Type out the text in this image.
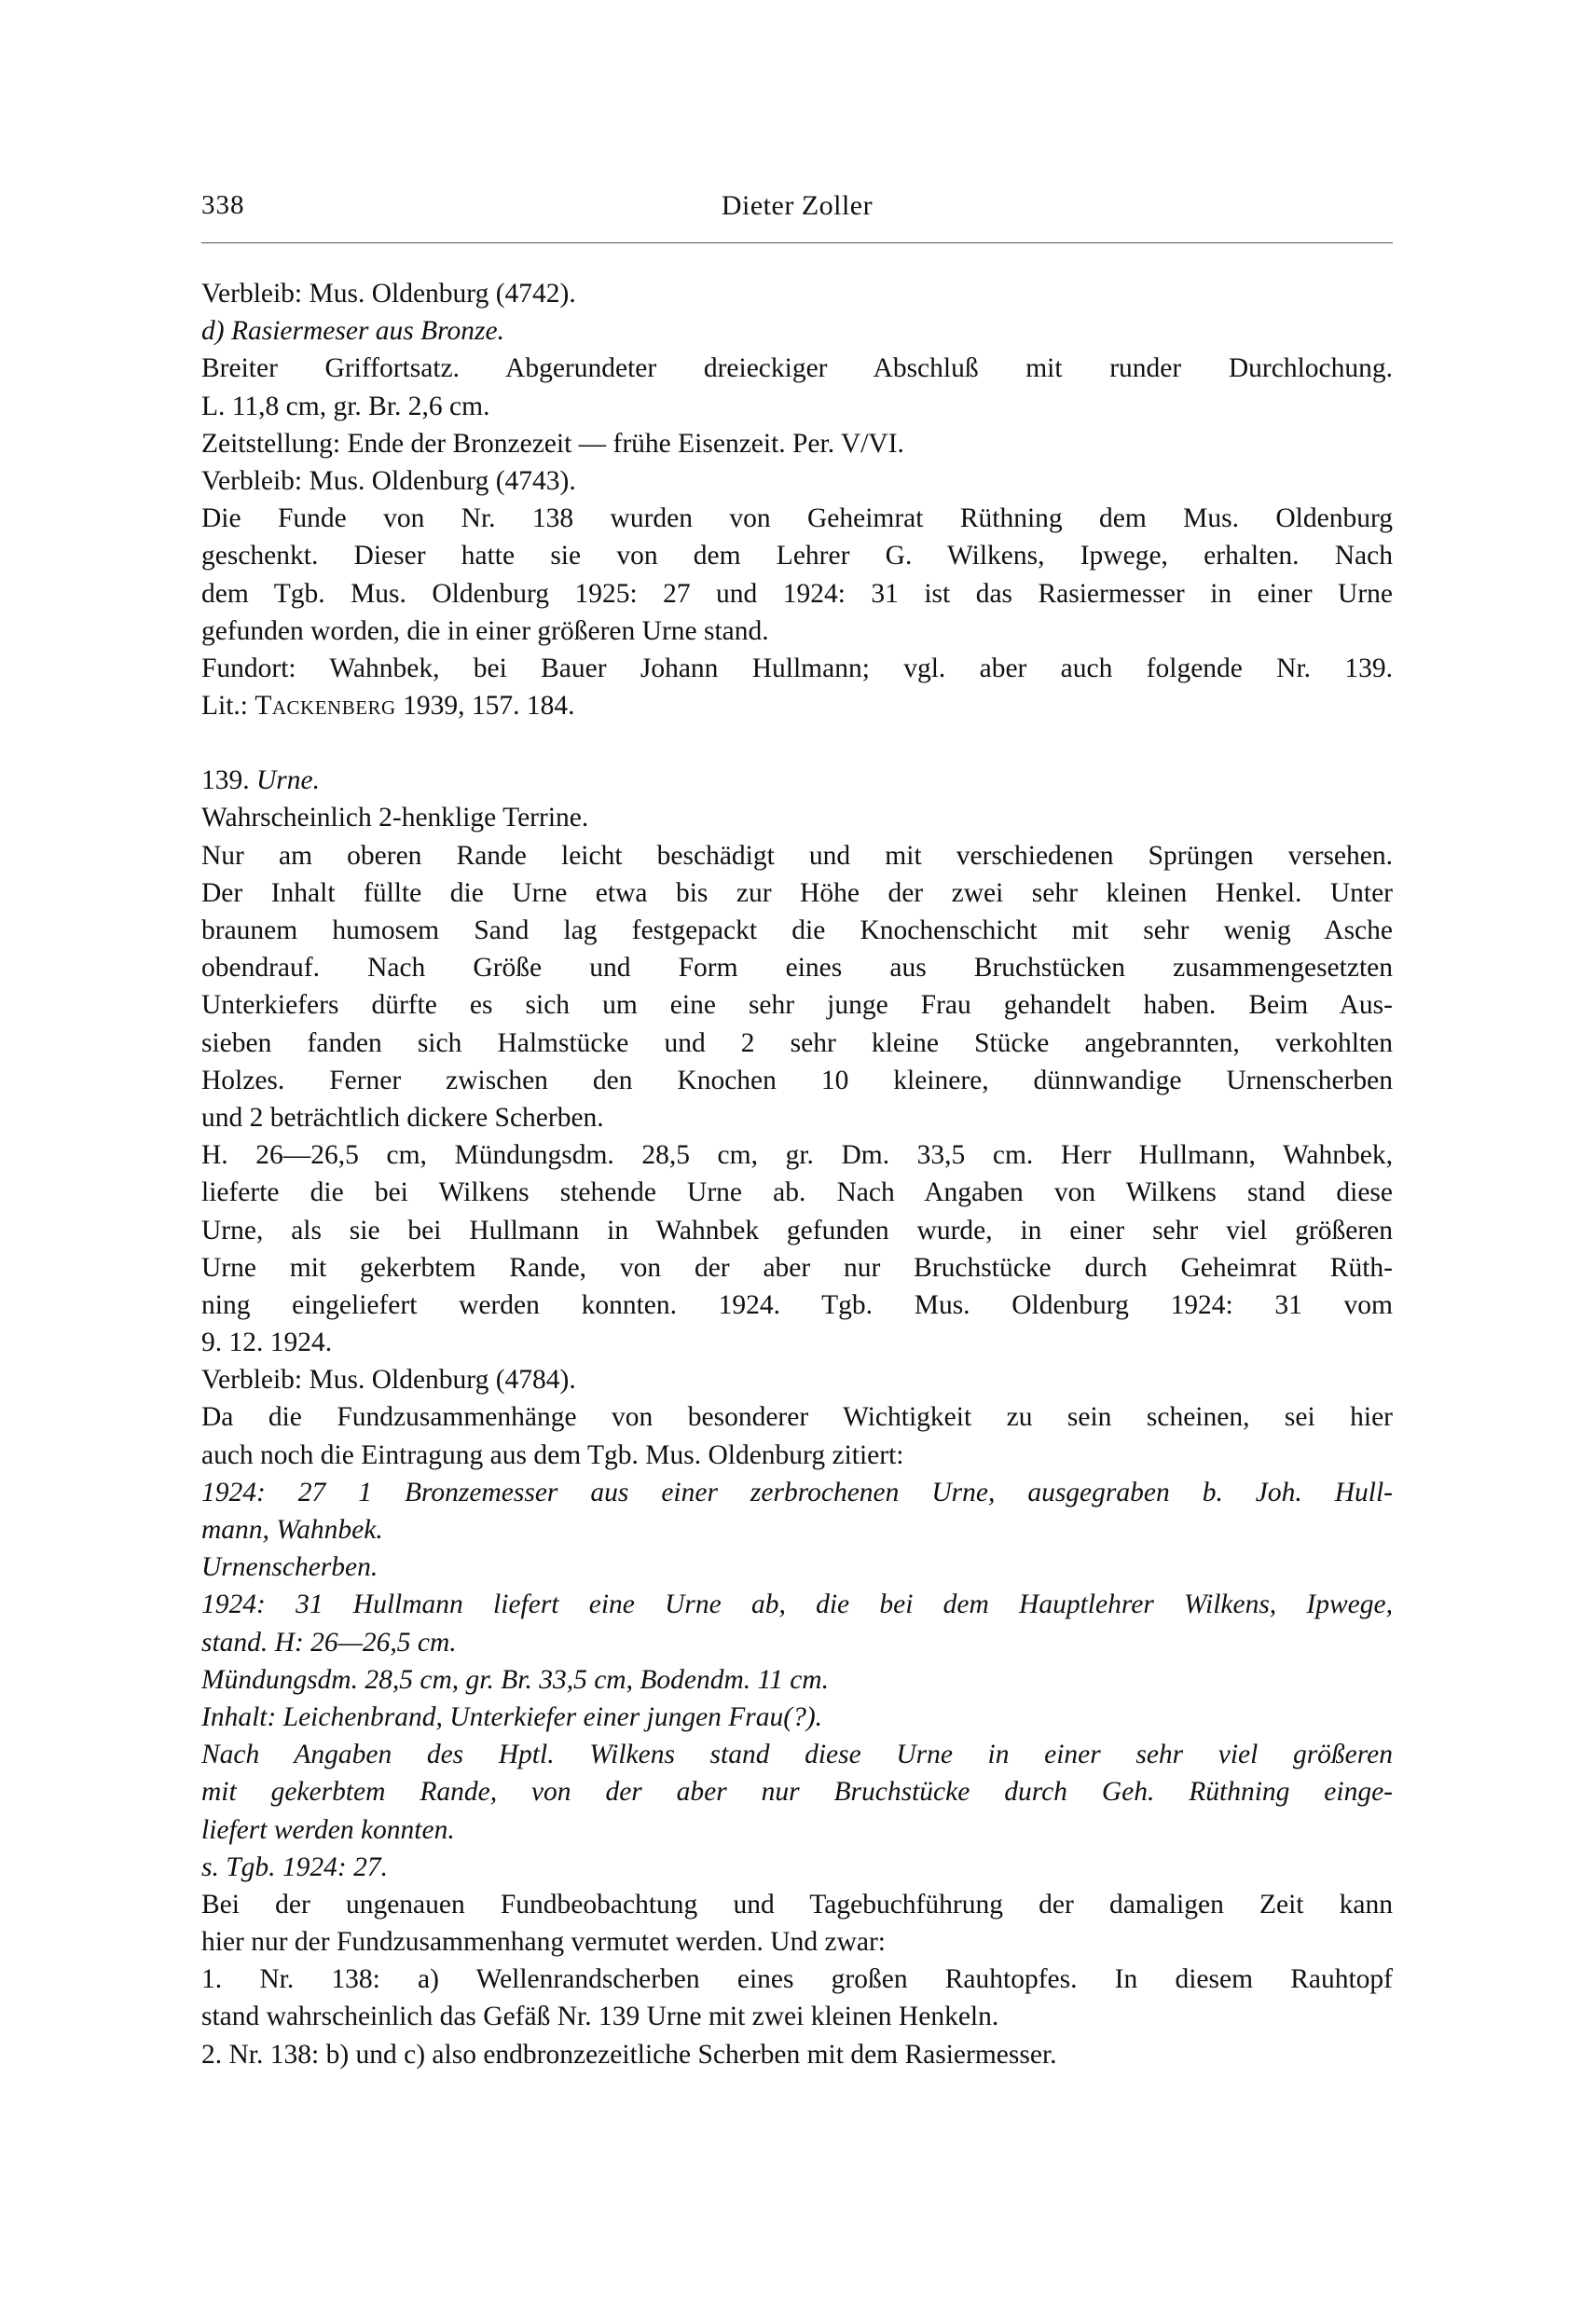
338	Dieter Zoller
Verbleib: Mus. Oldenburg (4742).
d) Rasiermeser aus Bronze.
Breiter Griffortsatz. Abgerundeter dreieckiger Abschluß mit runder Durchlochung.
L. 11,8 cm, gr. Br. 2,6 cm.
Zeitstellung: Ende der Bronzezeit — frühe Eisenzeit. Per. V/VI.
Verbleib: Mus. Oldenburg (4743).
Die Funde von Nr. 138 wurden von Geheimrat Rüthning dem Mus. Oldenburg
geschenkt. Dieser hatte sie von dem Lehrer G. Wilkens, Ipwege, erhalten. Nach
dem Tgb. Mus. Oldenburg 1925: 27 und 1924: 31 ist das Rasiermesser in einer Urne
gefunden worden, die in einer größeren Urne stand.
Fundort: Wahnbek, bei Bauer Johann Hullmann; vgl. aber auch folgende Nr. 139.
Lit.: Tackenberg 1939, 157. 184.
139. Urne.
Wahrscheinlich 2-henklige Terrine.
Nur am oberen Rande leicht beschädigt und mit verschiedenen Sprüngen versehen.
Der Inhalt füllte die Urne etwa bis zur Höhe der zwei sehr kleinen Henkel. Unter
braunem humosem Sand lag festgepackt die Knochenschicht mit sehr wenig Asche
obendrauf. Nach Größe und Form eines aus Bruchstücken zusammengesetzten
Unterkiefers dürfte es sich um eine sehr junge Frau gehandelt haben. Beim Aus-
sieben fanden sich Halmstücke und 2 sehr kleine Stücke angebrannten, verkohlten
Holzes. Ferner zwischen den Knochen 10 kleinere, dünnwandige Urnenscherben
und 2 beträchtlich dickere Scherben.
H. 26—26,5 cm, Mündungsdm. 28,5 cm, gr. Dm. 33,5 cm. Herr Hullmann, Wahnbek,
lieferte die bei Wilkens stehende Urne ab. Nach Angaben von Wilkens stand diese
Urne, als sie bei Hullmann in Wahnbek gefunden wurde, in einer sehr viel größeren
Urne mit gekerbtem Rande, von der aber nur Bruchstücke durch Geheimrat Rüth-
ning eingeliefert werden konnten. 1924. Tgb. Mus. Oldenburg 1924: 31 vom
9. 12. 1924.
Verbleib: Mus. Oldenburg (4784).
Da die Fundzusammenhänge von besonderer Wichtigkeit zu sein scheinen, sei hier
auch noch die Eintragung aus dem Tgb. Mus. Oldenburg zitiert:
1924: 27 1 Bronzemesser aus einer zerbrochenen Urne, ausgegraben b. Joh. Hull-
mann, Wahnbek.
Urnenscherben.
1924: 31 Hullmann liefert eine Urne ab, die bei dem Hauptlehrer Wilkens, Ipwege,
stand. H: 26—26,5 cm.
Mündungsdm. 28,5 cm, gr. Br. 33,5 cm, Bodendm. 11 cm.
Inhalt: Leichenbrand, Unterkiefer einer jungen Frau(?).
Nach Angaben des Hptl. Wilkens stand diese Urne in einer sehr viel größeren
mit gekerbtem Rande, von der aber nur Bruchstücke durch Geh. Rüthning einge-
liefert werden konnten.
s. Tgb. 1924: 27.
Bei der ungenauen Fundbeobachtung und Tagebuchführung der damaligen Zeit kann
hier nur der Fundzusammenhang vermutet werden. Und zwar:
1. Nr. 138: a) Wellenrandscherben eines großen Rauhtopfes. In diesem Rauhtopf
stand wahrscheinlich das Gefäß Nr. 139 Urne mit zwei kleinen Henkeln.
2. Nr. 138: b) und c) also endbronzezeitliche Scherben mit dem Rasiermesser.
